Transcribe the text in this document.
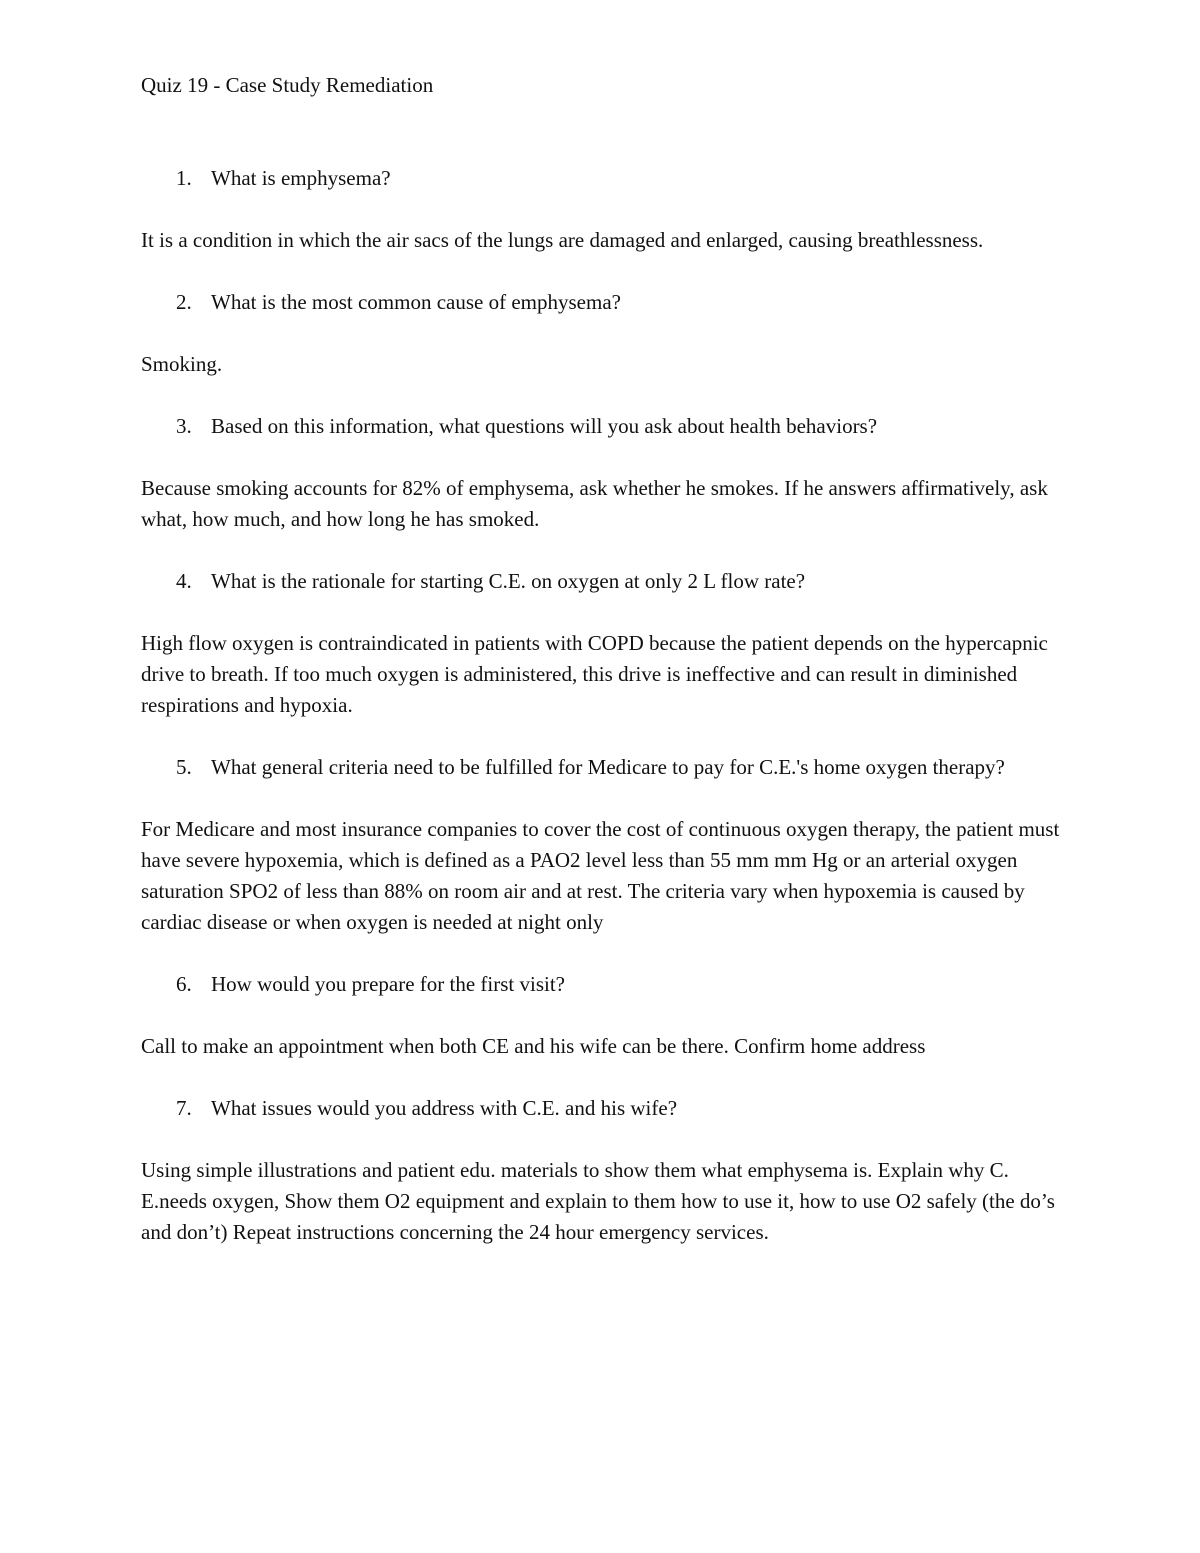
Quiz 19 - Case Study Remediation
1. What is emphysema?
It is a condition in which the air sacs of the lungs are damaged and enlarged, causing breathlessness.
2. What is the most common cause of emphysema?
Smoking.
3. Based on this information, what questions will you ask about health behaviors?
Because smoking accounts for 82% of emphysema, ask whether he smokes. If he answers affirmatively, ask what, how much, and how long he has smoked.
4. What is the rationale for starting C.E. on oxygen at only 2 L flow rate?
High flow oxygen is contraindicated in patients with COPD because the patient depends on the hypercapnic drive to breath. If too much oxygen is administered, this drive is ineffective and can result in diminished respirations and hypoxia.
5. What general criteria need to be fulfilled for Medicare to pay for C.E.'s home oxygen therapy?
For Medicare and most insurance companies to cover the cost of continuous oxygen therapy, the patient must have severe hypoxemia, which is defined as a PAO2 level less than 55 mm mm Hg or an arterial oxygen saturation SPO2 of less than 88% on room air and at rest. The criteria vary when hypoxemia is caused by cardiac disease or when oxygen is needed at night only
6. How would you prepare for the first visit?
Call to make an appointment when both CE and his wife can be there. Confirm home address
7. What issues would you address with C.E. and his wife?
Using simple illustrations and patient edu. materials to show them what emphysema is. Explain why C. E.needs oxygen, Show them O2 equipment and explain to them how to use it, how to use O2 safely (the do’s and don’t) Repeat instructions concerning the 24 hour emergency services.
